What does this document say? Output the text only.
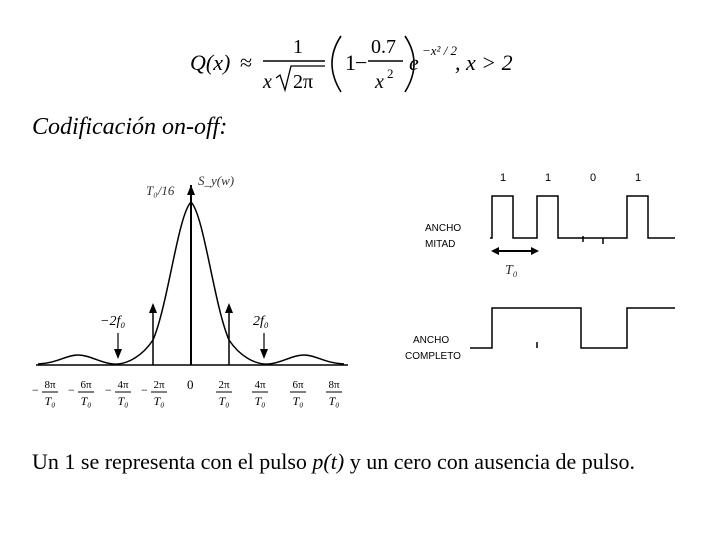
Q(x) ≈
1
x 2π
1 −
0.7
x 2 e −x² / 2
, x > 2
Codificación on-off:
− 8π
T₀
− 6π
T₀
− 4π
T₀
− 2π
T₀
2π
T₀
4π
T₀
6π
T₀
8π
T₀
T₀/16
S_y(w)
−2f₀	2f₀
0
1	1	0	1
ANCHO
MITAD
T₀
ANCHO
COMPLETO
Un 1 se representa con el pulso p(t) y un cero con ausencia de pulso.
